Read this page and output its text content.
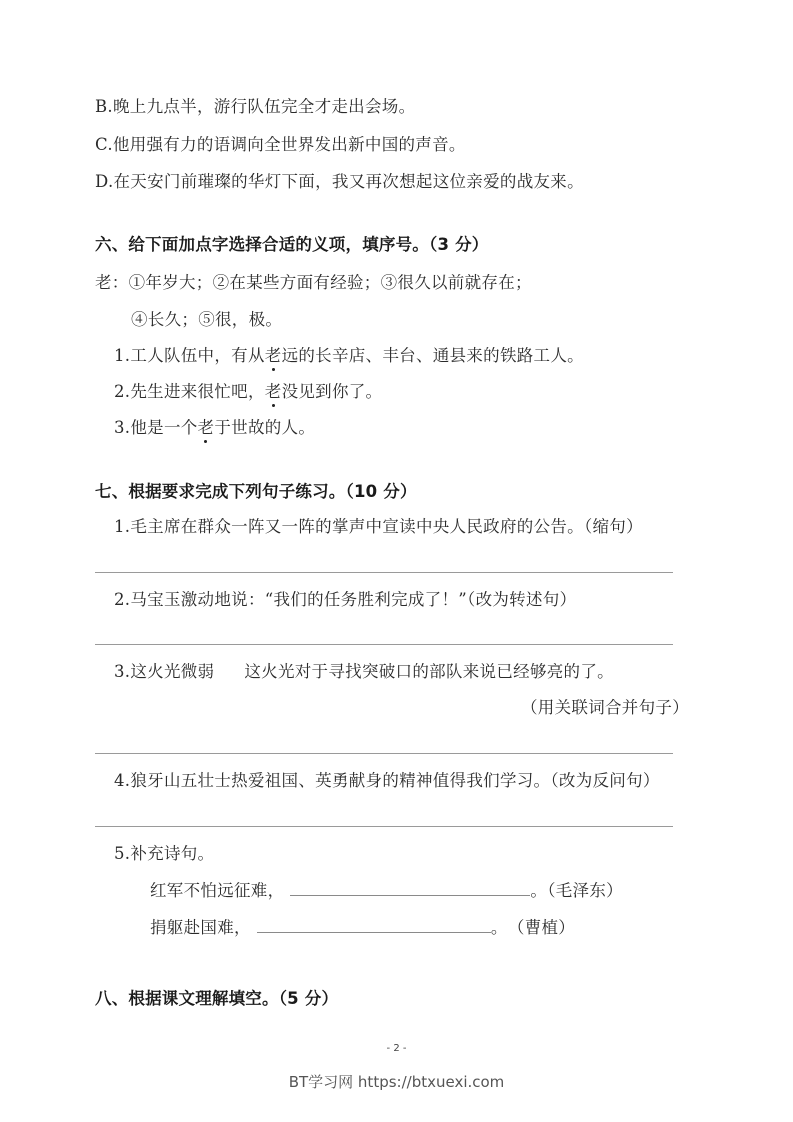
B.晚上九点半，游行队伍完全才走出会场。
C.他用强有力的语调向全世界发出新中国的声音。
D.在天安门前璀璨的华灯下面，我又再次想起这位亲爱的战友来。
六、给下面加点字选择合适的义项，填序号。（3 分）
老：①年岁大；②在某些方面有经验；③很久以前就存在；
④长久；⑤很，极。
1.工人队伍中，有从老远的长辛店、丰台、通县来的铁路工人。
2.先生进来很忙吧，老没见到你了。
3.他是一个老于世故的人。
七、根据要求完成下列句子练习。（10 分）
1.毛主席在群众一阵又一阵的掌声中宣读中央人民政府的公告。（缩句）
2.马宝玉激动地说：“我们的任务胜利完成了！”（改为转述句）
3.这火光微弱 这火光对于寻找突破口的部队来说已经够亮的了。
（用关联词合并句子）
4.狼牙山五壮士热爱祖国、英勇献身的精神值得我们学习。（改为反问句）
5.补充诗句。
红军不怕远征难，	。（毛泽东）
捐躯赴国难，	。　（曹植）
八、根据课文理解填空。（5 分）
- 2 -
BT学习网 https://btxuexi.com
